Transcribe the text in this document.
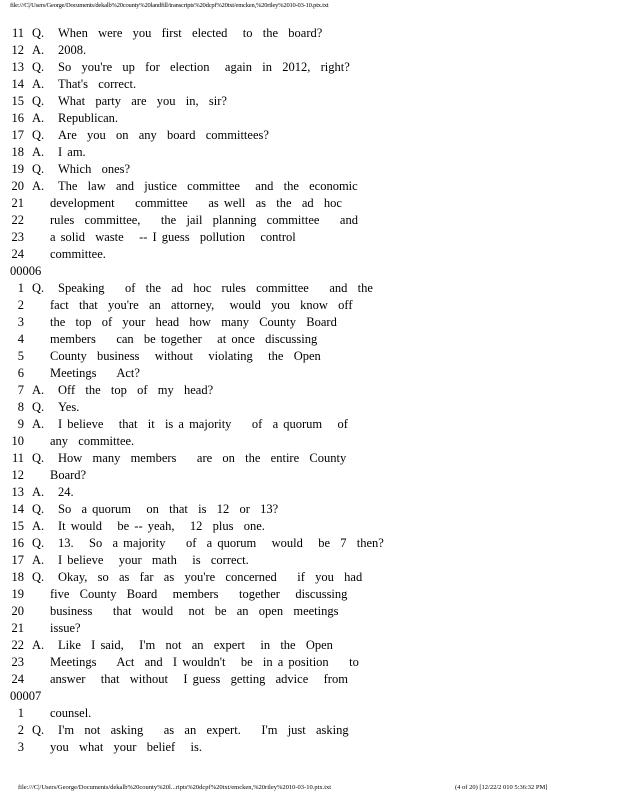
file:///C|/Users/George/Documents/dekalb%20county%20landfill/transcripts%20dcpf%20txt/emcken,%20riley%2010-03-10.ptx.txt
11 Q. When  were  you  first  elected   to  the  board?
12 A. 2008.
13 Q. So  you're  up  for  election   again  in  2012,  right?
14 A. That's  correct.
15 Q. What  party  are  you  in,  sir?
16 A. Republican.
17 Q. Are  you  on  any  board  committees?
18 A. I am.
19 Q. Which  ones?
20 A. The  law  and  justice  committee   and  the  economic
21 development    committee    as well  as  the  ad  hoc
22 rules  committee,    the  jail  planning  committee    and
23 a solid  waste   -- I guess  pollution   control
24 committee.
00006
1 Q. Speaking    of  the  ad  hoc  rules  committee    and  the
2 fact  that  you're  an  attorney,   would  you  know  off
3 the  top  of  your  head  how  many  County  Board
4 members    can  be together   at once  discussing
5 County  business   without   violating   the  Open
6 Meetings    Act?
7 A. Off  the  top  of  my  head?
8 Q. Yes.
9 A. I believe   that  it  is a majority    of  a quorum   of
10 any  committee.
11 Q. How  many  members    are  on  the  entire  County
12 Board?
13 A. 24.
14 Q. So  a quorum   on  that  is  12  or  13?
15 A. It would   be -- yeah,   12  plus  one.
16 Q. 13.   So  a majority    of  a quorum   would   be  7  then?
17 A. I believe   your  math   is  correct.
18 Q. Okay,  so  as  far  as  you're  concerned    if  you  had
19 five  County  Board   members    together   discussing
20 business    that  would   not  be  an  open  meetings
21 issue?
22 A. Like  I said,   I'm  not  an  expert   in  the  Open
23 Meetings    Act  and  I wouldn't   be  in a position    to
24 answer   that  without   I guess  getting  advice   from
00007
1 counsel.
2 Q. I'm  not  asking    as  an  expert.    I'm  just  asking
3 you  what  your  belief   is.
file:///C|/Users/George/Documents/dekalb%20county%20l...ripts%20dcpf%20txt/emcken,%20riley%2010-03-10.ptx.txt	(4 of 20) [12/22/2 010 5:36:32 PM]
